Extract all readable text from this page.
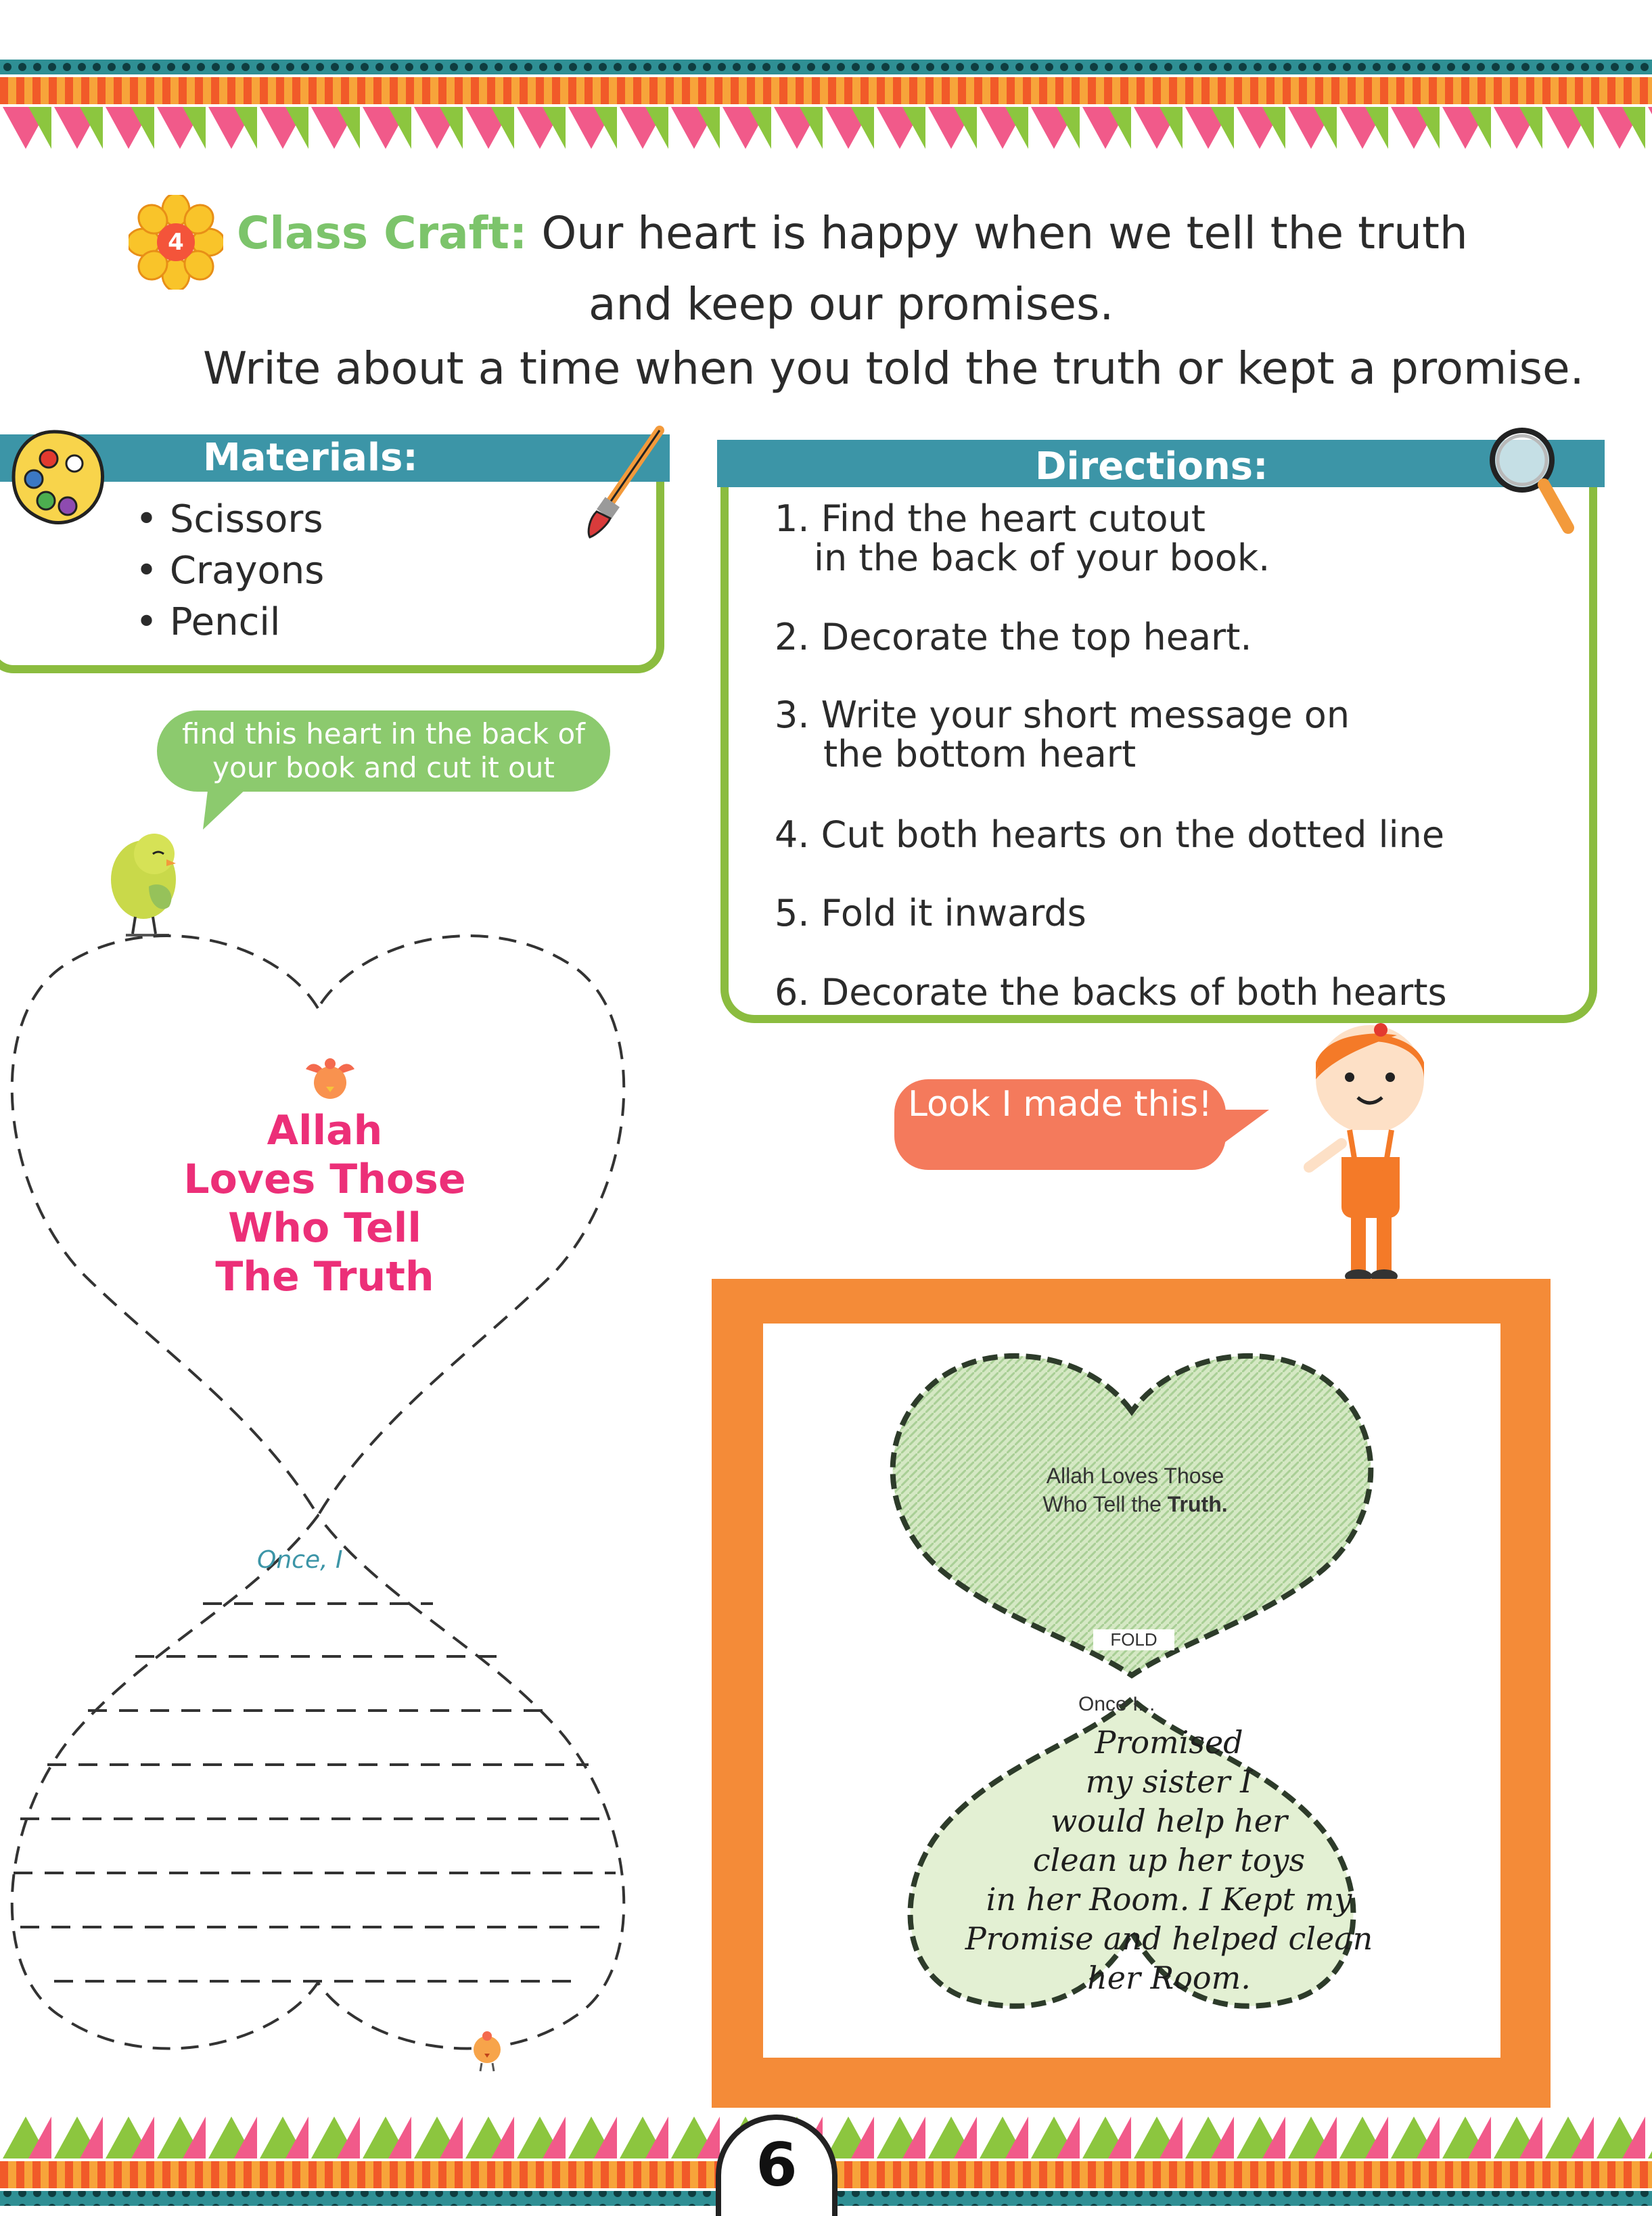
4 Class Craft: Our heart is happy when we tell the truth
and keep our promises.
Write about a time when you told the truth or kept a promise.
Materials:
• Scissors
• Crayons
• Pencil
Directions:
1. Find the heart cutout
in the back of your book.
2. Decorate the top heart.
3. Write your short message on
the bottom heart
4. Cut both hearts on the dotted line
5. Fold it inwards
6. Decorate the backs of both hearts
find this heart in the back of your book and cut it out
Allah
Loves Those
Who Tell
The Truth
Once, I
Look I made this!
Allah Loves Those
Who Tell the Truth.
FOLD
Once I...
Promised
my sister I
would help her
clean up her toys
in her Room. I Kept my
Promise and helped clean
her Room.
6
